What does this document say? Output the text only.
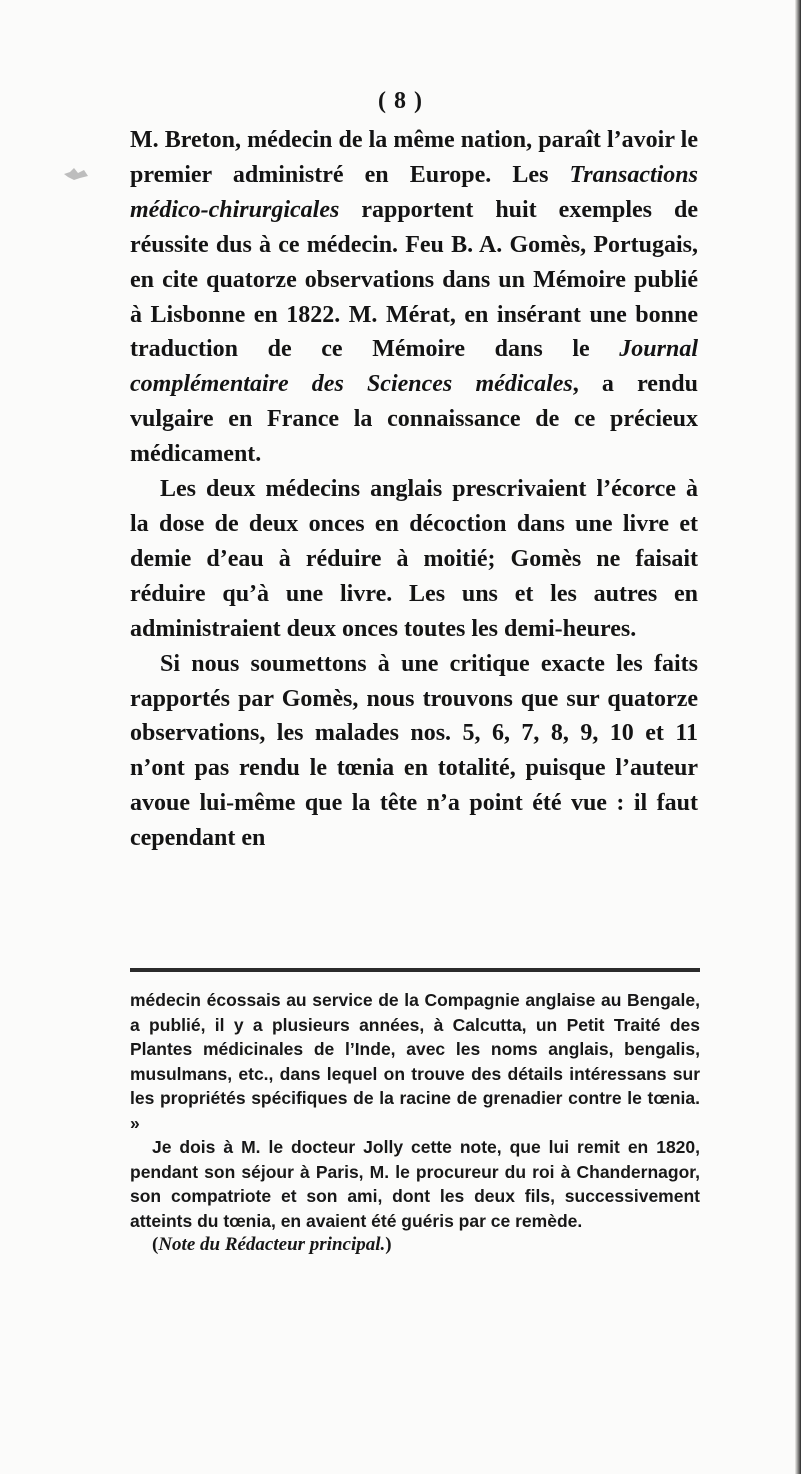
( 8 )

M. Breton, médecin de la même nation, paraît l’avoir le premier administré en Europe. Les Transactions médico-chirurgicales rapportent huit exemples de réussite dus à ce médecin. Feu B. A. Gomès, Portugais, en cite quatorze observations dans un Mémoire publié à Lisbonne en 1822. M. Mérat, en insérant une bonne traduction de ce Mémoire dans le Journal complémentaire des Sciences médicales, a rendu vulgaire en France la connaissance de ce précieux médicament.

Les deux médecins anglais prescrivaient l’écorce à la dose de deux onces en décoction dans une livre et demie d’eau à réduire à moitié; Gomès ne faisait réduire qu’à une livre. Les uns et les autres en administraient deux onces toutes les demi-heures.

Si nous soumettons à une critique exacte les faits rapportés par Gomès, nous trouvons que sur quatorze observations, les malades nos. 5, 6, 7, 8, 9, 10 et 11 n’ont pas rendu le tœnia en totalité, puisque l’auteur avoue lui-même que la tête n’a point été vue : il faut cependant en

médecin écossais au service de la Compagnie anglaise au Bengale, a publié, il y a plusieurs années, à Calcutta, un Petit Traité des Plantes médicinales de l’Inde, avec les noms anglais, bengalis, musulmans, etc., dans lequel on trouve des détails intéressans sur les propriétés spécifiques de la racine de grenadier contre le tœnia. »

Je dois à M. le docteur Jolly cette note, que lui remit en 1820, pendant son séjour à Paris, M. le procureur du roi à Chandernagor, son compatriote et son ami, dont les deux fils, successivement atteints du tœnia, en avaient été guéris par ce remède.

(Note du Rédacteur principal.)
